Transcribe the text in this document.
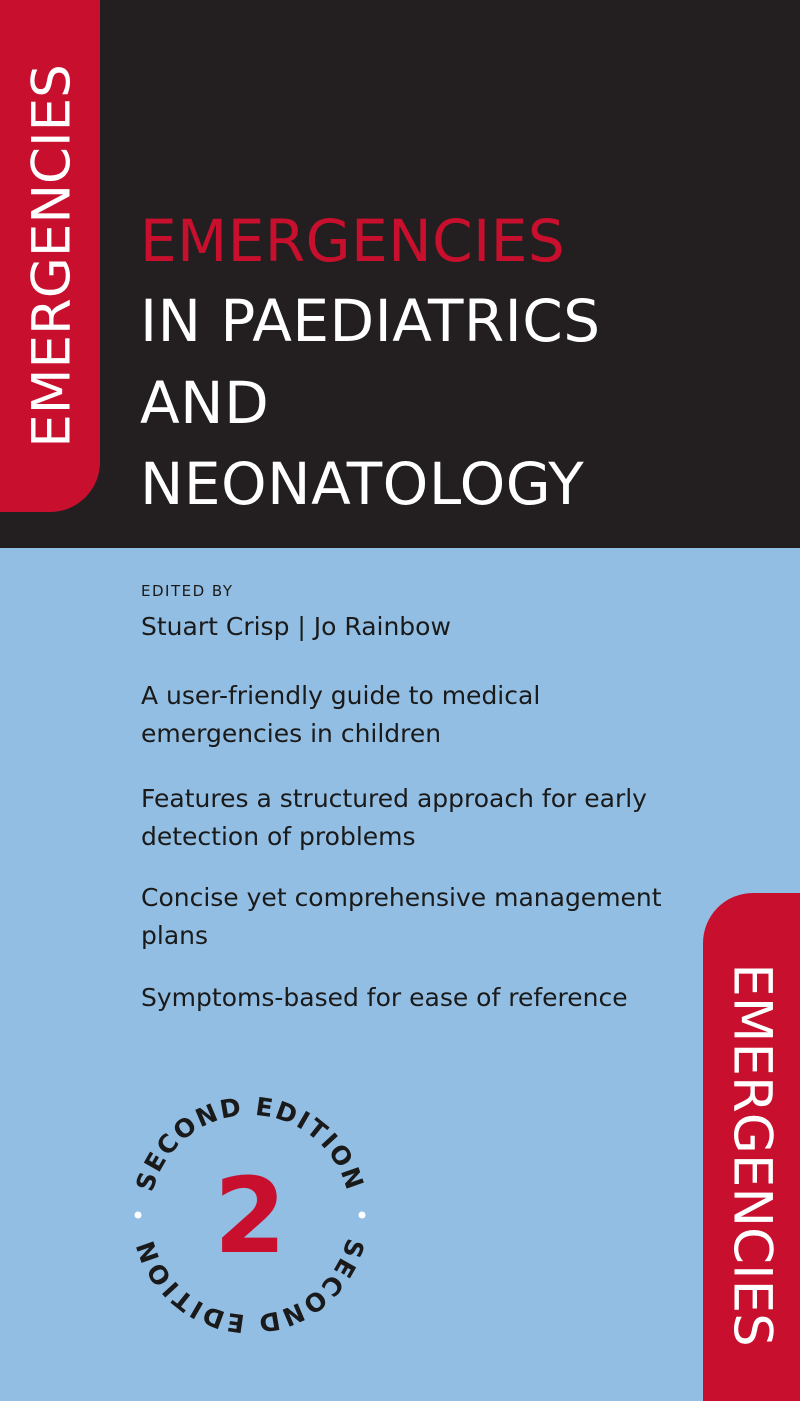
EMERGENCIES EMERGENCIES
IN PAEDIATRICS
AND
NEONATOLOGY
EDITED BY
Stuart Crisp | Jo Rainbow
A user-friendly guide to medical emergencies in children
Features a structured approach for early detection of problems
Concise yet comprehensive management plans
Symptoms-based for ease of reference
SECOND EDITION
SECOND EDITION 2	EMERGENCIES
